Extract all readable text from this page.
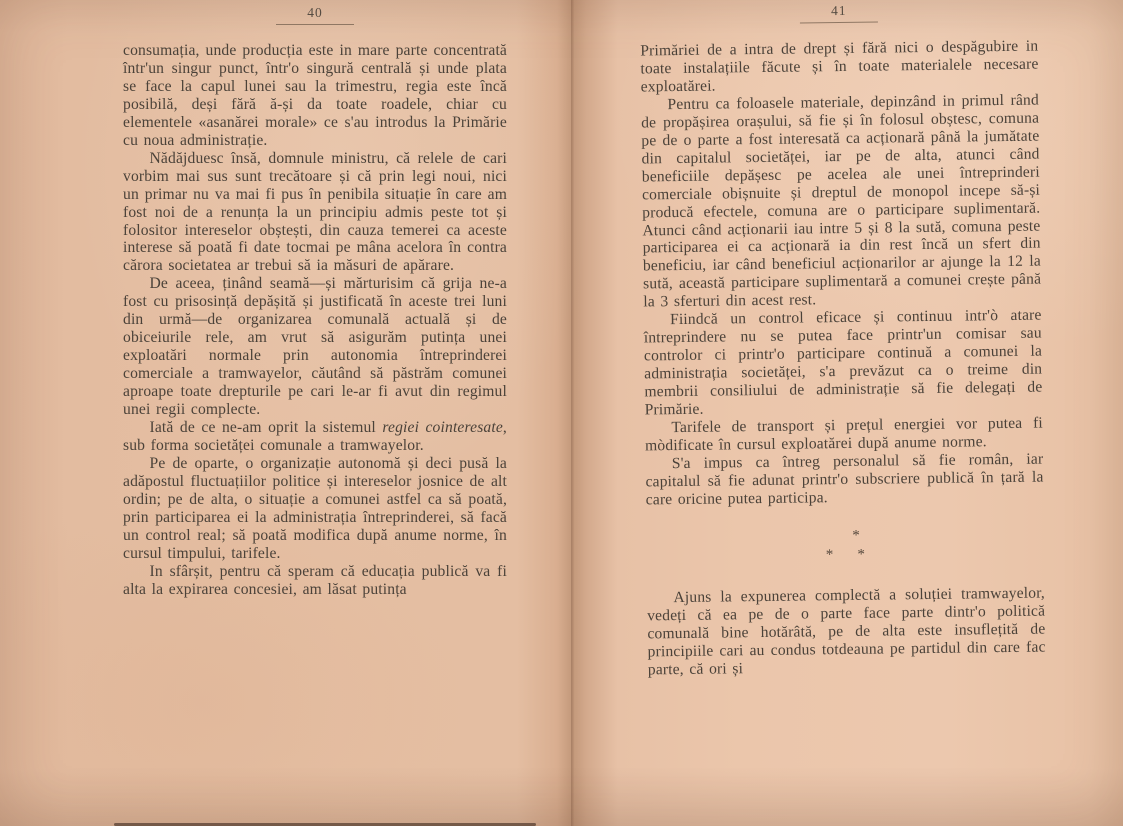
40

consumația, unde producția este in mare parte concentrată într'un singur punct, într'o singură centrală și unde plata se face la capul lunei sau la trimestru, regia este încă posibilă, deși fără ă-și da toate roadele, chiar cu elementele «asanărei morale» ce s'au introdus la Primărie cu noua administrație.

Nădăjduesc însă, domnule ministru, că relele de cari vorbim mai sus sunt trecătoare și că prin legi noui, nici un primar nu va mai fi pus în penibila situație în care am fost noi de a renunța la un principiu admis peste tot și folositor intereselor obștești, din cauza temerei ca aceste interese să poată fi date tocmai pe mâna acelora în contra cărora societatea ar trebui să ia măsuri de apărare.

De aceea, ținând seamă—și mărturisim că grija ne-a fost cu prisosință depășită și justificată în aceste trei luni din urmă—de organizarea comunală actuală și de obiceiurile rele, am vrut să asigurăm putința unei exploatări normale prin autonomia întreprinderei comerciale a tramwayelor, căutând să păstrăm comunei aproape toate drepturile pe cari le-ar fi avut din regimul unei regii complecte.

Iată de ce ne-am oprit la sistemul regiei cointeresate, sub forma societăței comunale a tramwayelor.

Pe de oparte, o organizație autonomă și deci pusă la adăpostul fluctuațiilor politice și intereselor josnice de alt ordin; pe de alta, o situație a comunei astfel ca să poată, prin participarea ei la administrația întreprinderei, să facă un control real; să poată modifica după anume norme, în cursul timpului, tarifele.

In sfârșit, pentru că speram că educația publică va fi alta la expirarea concesiei, am lăsat putința

41

Primăriei de a intra de drept și fără nici o despăgubire in toate instalațiile făcute și în toate materialele necesare exploatărei.

Pentru ca foloasele materiale, depinzând in primul rând de propășirea orașului, să fie și în folosul obștesc, comuna pe de o parte a fost interesată ca acționară până la jumătate din capitalul societăței, iar pe de alta, atunci când beneficiile depășesc pe acelea ale unei întreprinderi comerciale obișnuite și dreptul de monopol incepe să-și producă efectele, comuna are o participare suplimentară. Atunci când acționarii iau intre 5 și 8 la sută, comuna peste participarea ei ca acționară ia din rest încă un sfert din beneficiu, iar când beneficiul acționarilor ar ajunge la 12 la sută, această participare suplimentară a comunei crește până la 3 sferturi din acest rest.

Fiindcă un control eficace și continuu intr'ò atare întreprindere nu se putea face printr'un comisar sau controlor ci printr'o participare continuă a comunei la administrația societăței, s'a prevăzut ca o treime din membrii consiliului de administrație să fie delegați de Primărie.

Tarifele de transport și prețul energiei vor putea fi mòdificate în cursul exploatărei după anume norme.

S'a impus ca întreg personalul să fie român, iar capitalul să fie adunat printr'o subscriere publică în țară la care oricine putea participa.

*
* *

Ajuns la expunerea complectă a soluției tramwayelor, vedeți că ea pe de o parte face parte dintr'o politică comunală bine hotărâtă, pe de alta este insuflețită de principiile cari au condus totdeauna pe partidul din care fac parte, că ori și
